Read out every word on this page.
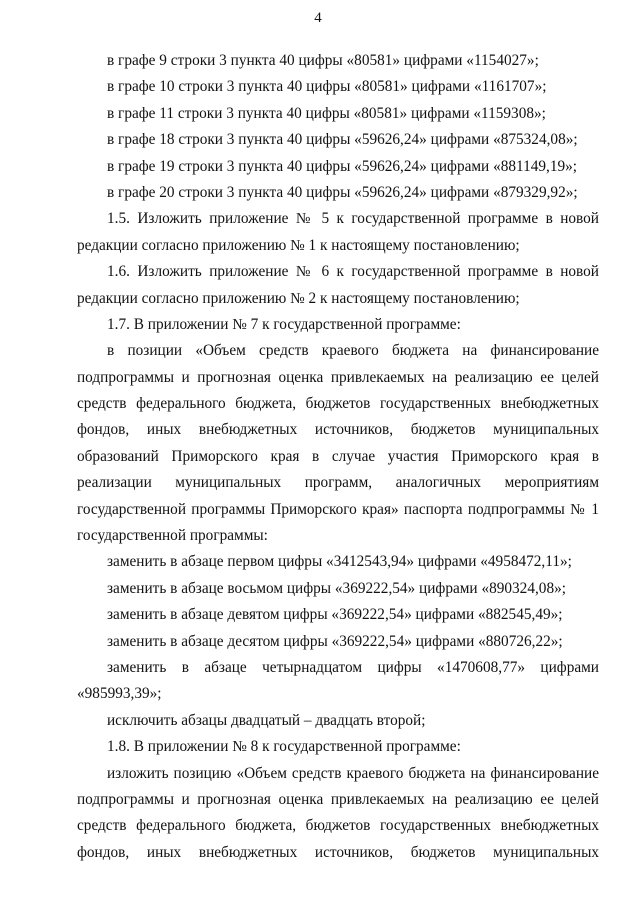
4
в графе 9 строки 3 пункта 40 цифры «80581» цифрами «1154027»;
в графе 10 строки 3 пункта 40 цифры «80581» цифрами «1161707»;
в графе 11 строки 3 пункта 40 цифры «80581» цифрами «1159308»;
в графе 18 строки 3 пункта 40 цифры «59626,24» цифрами «875324,08»;
в графе 19 строки 3 пункта 40 цифры «59626,24» цифрами «881149,19»;
в графе 20 строки 3 пункта 40 цифры «59626,24» цифрами «879329,92»;
1.5. Изложить приложение № 5 к государственной программе в новой
редакции согласно приложению № 1 к настоящему постановлению;
1.6. Изложить приложение № 6 к государственной программе в новой
редакции согласно приложению № 2 к настоящему постановлению;
1.7. В приложении № 7 к государственной программе:
в позиции «Объем средств краевого бюджета на финансирование
подпрограммы и прогнозная оценка привлекаемых на реализацию ее целей
средств федерального бюджета, бюджетов государственных внебюджетных
фондов, иных внебюджетных источников, бюджетов муниципальных
образований Приморского края в случае участия Приморского края в
реализации муниципальных программ, аналогичных мероприятиям
государственной программы Приморского края» паспорта подпрограммы № 1
государственной программы:
заменить в абзаце первом цифры «3412543,94» цифрами «4958472,11»;
заменить в абзаце восьмом цифры «369222,54» цифрами «890324,08»;
заменить в абзаце девятом цифры «369222,54» цифрами «882545,49»;
заменить в абзаце десятом цифры «369222,54» цифрами «880726,22»;
заменить в абзаце четырнадцатом цифры «1470608,77» цифрами
«985993,39»;
исключить абзацы двадцатый – двадцать второй;
1.8. В приложении № 8 к государственной программе:
изложить позицию «Объем средств краевого бюджета на финансирование
подпрограммы и прогнозная оценка привлекаемых на реализацию ее целей
средств федерального бюджета, бюджетов государственных внебюджетных
фондов, иных внебюджетных источников, бюджетов муниципальных
